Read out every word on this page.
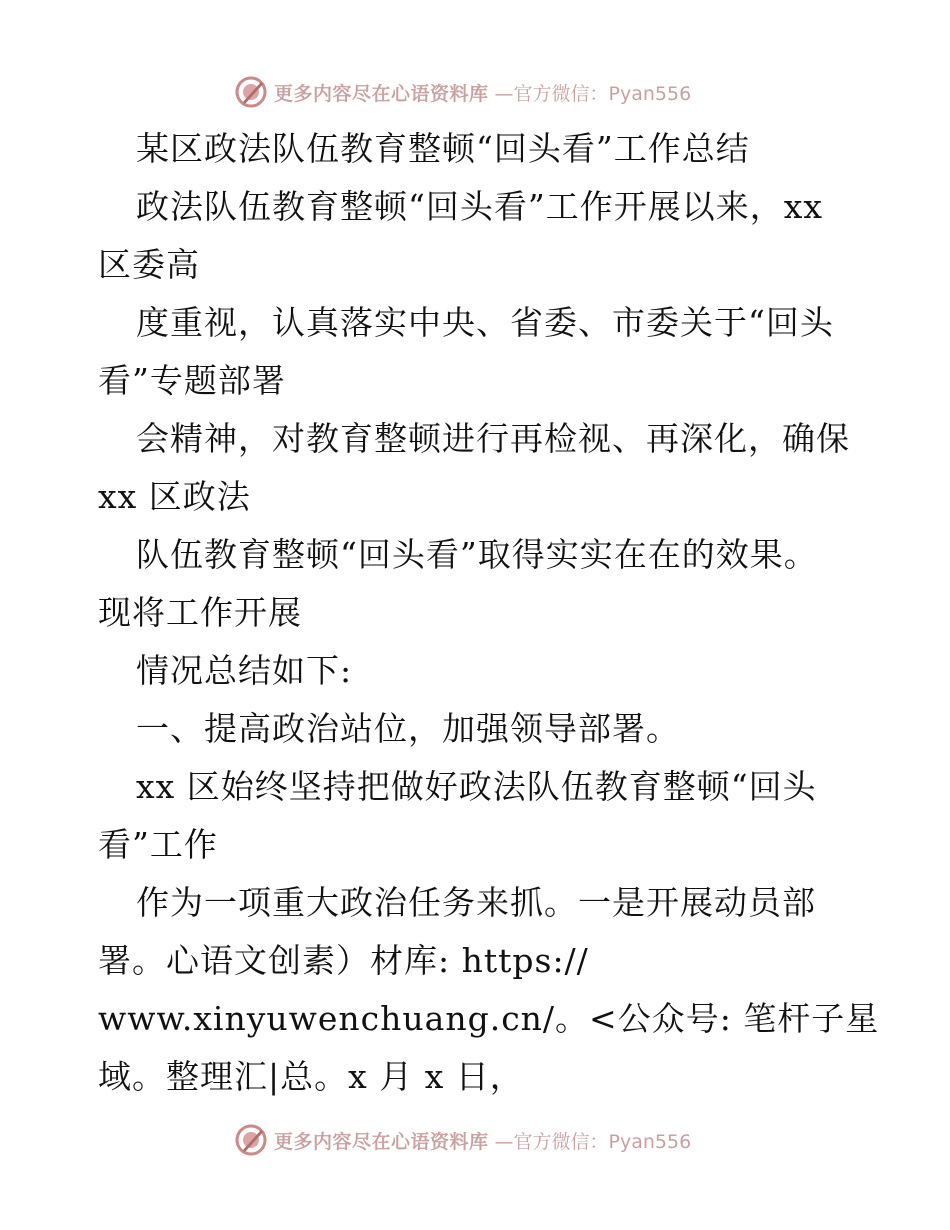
更多内容尽在心语资料库 —官方微信：Pyan556
某区政法队伍教育整顿“回头看”工作总结
政法队伍教育整顿“回头看”工作开展以来，xx
区委高
度重视，认真落实中央、省委、市委关于“回头
看”专题部署
会精神，对教育整顿进行再检视、再深化，确保
xx 区政法
队伍教育整顿“回头看”取得实实在在的效果。
现将工作开展
情况总结如下:
一、提高政治站位，加强领导部署。
xx 区始终坚持把做好政法队伍教育整顿“回头
看”工作
作为一项重大政治任务来抓。一是开展动员部
署。心语文创素）材库: https://
www.xinyuwenchuang.cn/。<公众号: 笔杆子星
域。整理汇|总。x 月 x 日，
更多内容尽在心语资料库 —官方微信：Pyan556
